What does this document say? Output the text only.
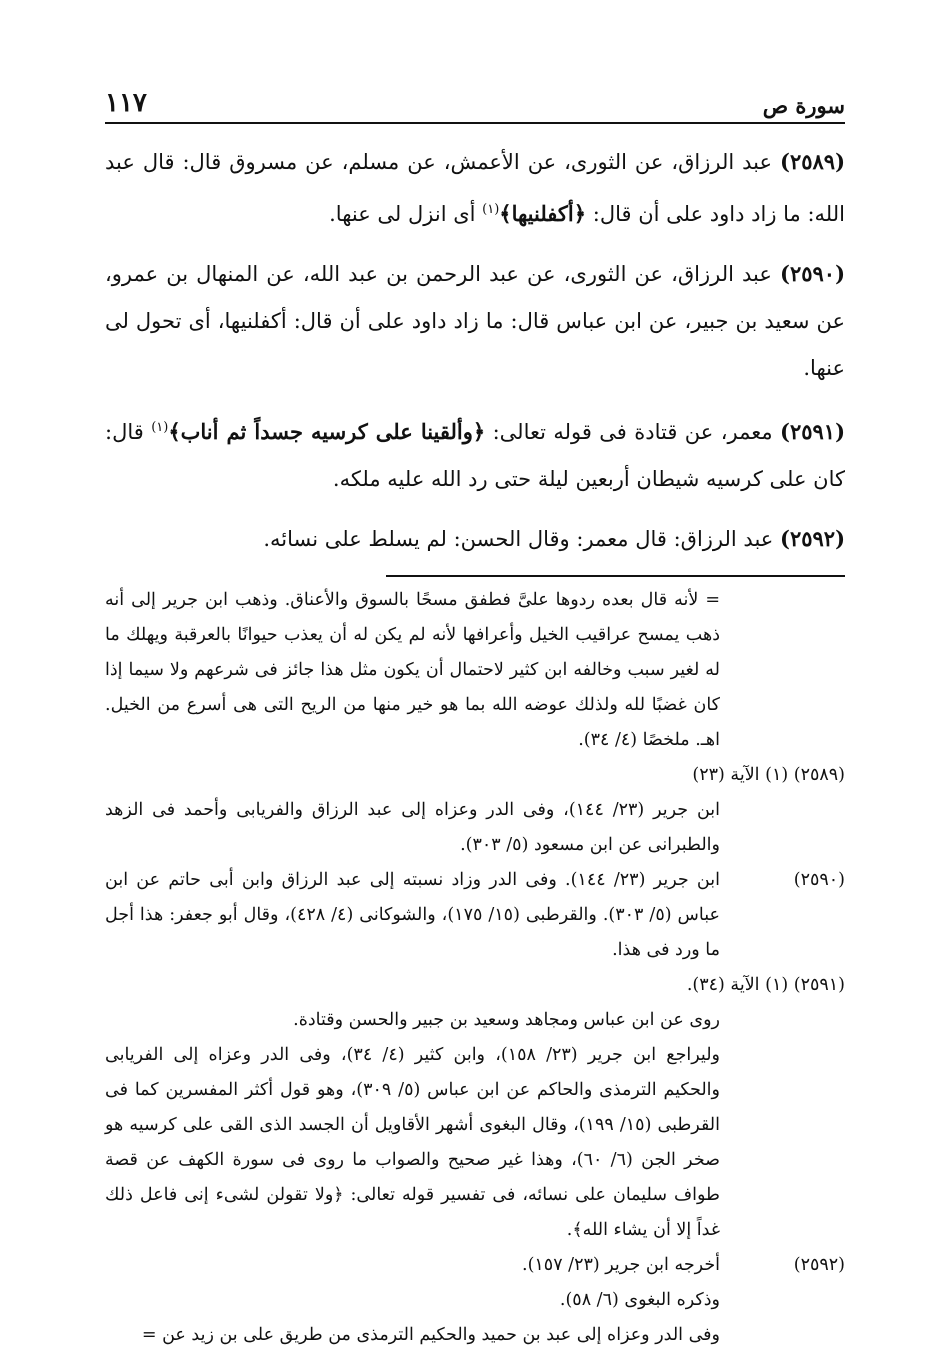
سورة ص
١١٧

(٢٥٨٩) عبد الرزاق، عن الثورى، عن الأعمش، عن مسلم، عن مسروق قال: قال عبد الله: ما زاد داود على أن قال: ﴿أكفلنيها﴾$^{(١)}$ أى انزل لى عنها.

(٢٥٩٠) عبد الرزاق، عن الثورى، عن عبد الرحمن بن عبد الله، عن المنهال بن عمرو، عن سعيد بن جبير، عن ابن عباس قال: ما زاد داود على أن قال: أكفلنيها، أى تحول لى عنها.

(٢٥٩١) معمر، عن قتادة فى قوله تعالى: ﴿وألقينا على كرسيه جسداً ثم أناب﴾$^{(١)}$ قال: كان على كرسيه شيطان أربعين ليلة حتى رد الله عليه ملكه.

(٢٥٩٢) عبد الرزاق: قال معمر: وقال الحسن: لم يسلط على نسائه.

= لأنه قال بعده ردوها علىَّ فطفق مسحًا بالسوق والأعناق. وذهب ابن جرير إلى أنه ذهب يمسح عراقيب الخيل وأعرافها لأنه لم يكن له أن يعذب حيوانًا بالعرقبة ويهلك ما له لغير سبب وخالفه ابن كثير لاحتمال أن يكون مثل هذا جائز فى شرعهم ولا سيما إذا كان غضبًا لله ولذلك عوضه الله بما هو خير منها من الريح التى هى أسرع من الخيل. اهـ. ملخصًا (٤/ ٣٤).

(٢٥٨٩) (١) الآية (٢٣)

ابن جرير (٢٣/ ١٤٤)، وفى الدر وعزاه إلى عبد الرزاق والفريابى وأحمد فى الزهد والطبرانى عن ابن مسعود (٥/ ٣٠٣).

(٢٥٩٠)

ابن جرير (٢٣/ ١٤٤). وفى الدر وزاد نسبته إلى عبد الرزاق وابن أبى حاتم عن ابن عباس (٥/ ٣٠٣). والقرطبى (١٥/ ١٧٥)، والشوكانى (٤/ ٤٢٨)، وقال أبو جعفر: هذا أجل ما ورد فى هذا.

(٢٥٩١) (١) الآية (٣٤).

روى عن ابن عباس ومجاهد وسعيد بن جبير والحسن وقتادة.

وليراجع ابن جرير (٢٣/ ١٥٨)، وابن كثير (٤/ ٣٤)، وفى الدر وعزاه إلى الفريابى والحكيم الترمذى والحاكم عن ابن عباس (٥/ ٣٠٩)، وهو قول أكثر المفسرين كما فى القرطبى (١٥/ ١٩٩)، وقال البغوى أشهر الأقاويل أن الجسد الذى القى على كرسيه هو صخر الجن (٦/ ٦٠)، وهذا غير صحيح والصواب ما روى فى سورة الكهف عن قصة طواف سليمان على نسائه، فى تفسير قوله تعالى: ﴿ولا تقولن لشىء إنى فاعل ذلك غداً إلا أن يشاء الله﴾.

(٢٥٩٢)

أخرجه ابن جرير (٢٣/ ١٥٧).

وذكره البغوى (٦/ ٥٨).

وفى الدر وعزاه إلى عبد بن حميد والحكيم الترمذى من طريق على بن زيد عن =
